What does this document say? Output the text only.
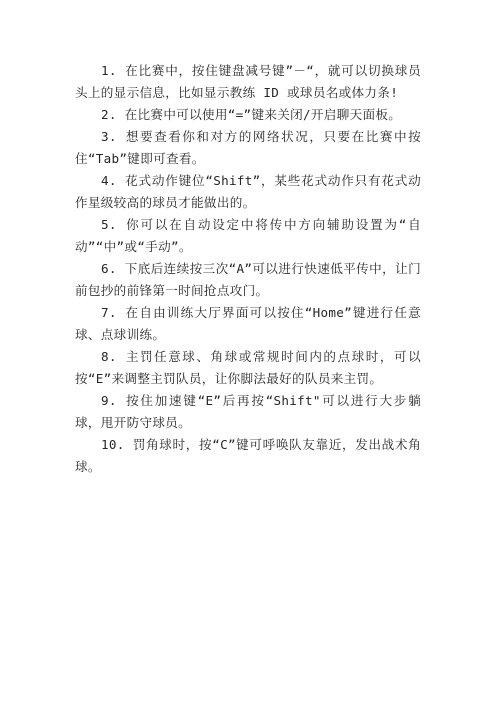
1. 在比赛中，按住键盘减号键”－“，就可以切换球员头上的显示信息，比如显示教练 ID 或球员名或体力条!

2. 在比赛中可以使用“=”键来关闭/开启聊天面板。

3. 想要查看你和对方的网络状况，只要在比赛中按住“Tab”键即可查看。

4. 花式动作键位“Shift”，某些花式动作只有花式动作星级较高的球员才能做出的。

5. 你可以在自动设定中将传中方向辅助设置为“自动”“中”或“手动”。

6. 下底后连续按三次“A”可以进行快速低平传中，让门前包抄的前锋第一时间抢点攻门。

7. 在自由训练大厅界面可以按住“Home”键进行任意球、点球训练。

8. 主罚任意球、角球或常规时间内的点球时，可以按“E”来调整主罚队员，让你脚法最好的队员来主罚。

9. 按住加速键“E”后再按“Shift"可以进行大步躺球，甩开防守球员。

10. 罚角球时，按“C”键可呼唤队友靠近，发出战术角球。
